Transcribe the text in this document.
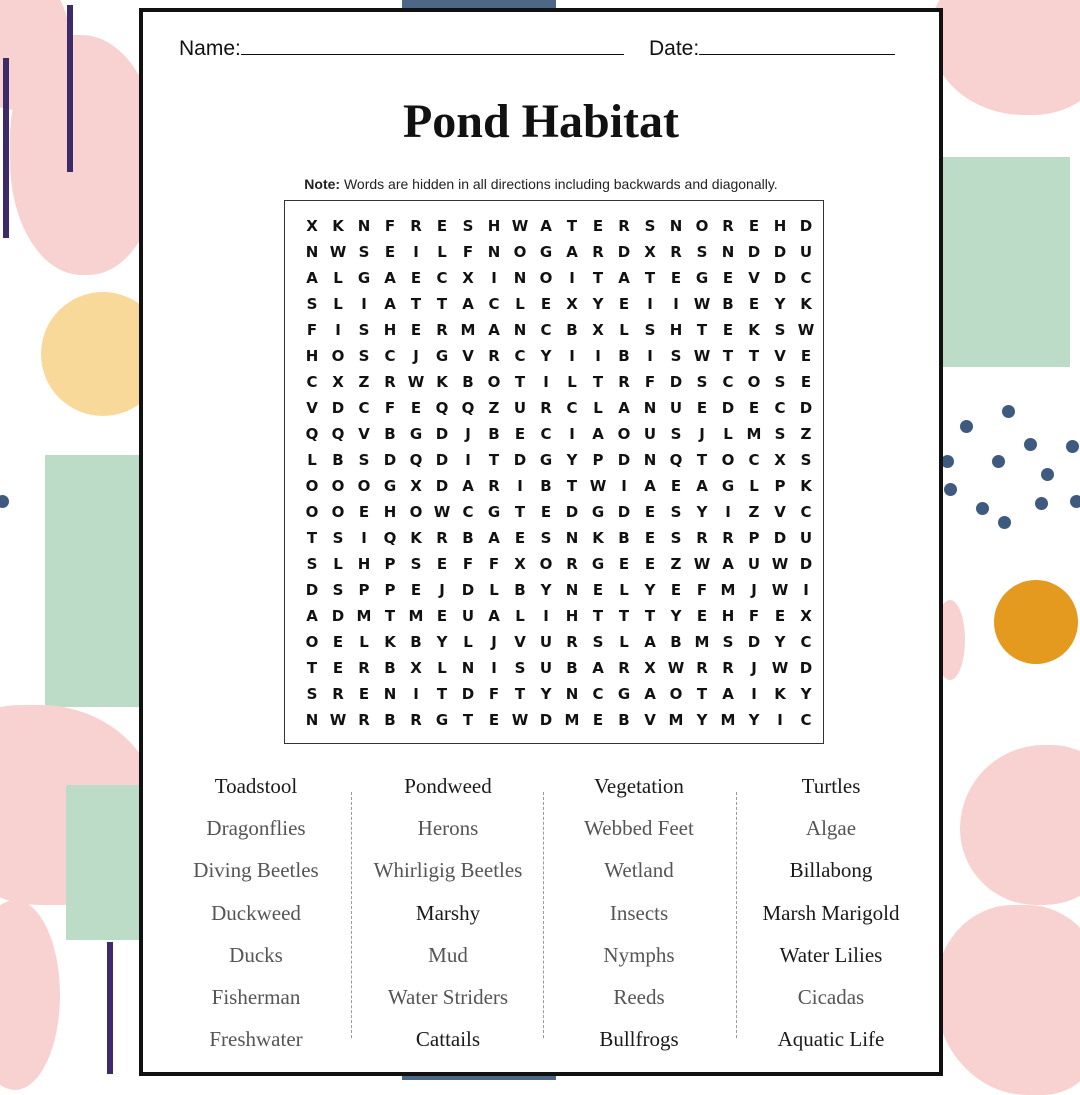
Name:	Date:
Pond Habitat
Note: Words are hidden in all directions including backwards and diagonally.
X K N F	R	E	S H W A	T	E	R S N O R	E H D
N W S	E	I	L	F N O G A R D X R S N D D U
A	L	G A	E	C X	I	N O	I	T	A	T	E G E	V D C
S	L	I	A	T	T	A C	L	E	X Y	E	I	I W B	E	Y K
F	I	S H E	R M A N C B X	L	S H T	E	K S W
H O S	C	J	G V R C	Y	I	I	B	I	S W T	T	V	E
C X Z R W K B O T	I	L	T	R	F D S	C O S	E
V D C	F	E Q Q Z U R C	L	A N U E D E	C D
Q Q V B G D	J	B	E	C	I	A O U S	J	L M S	Z
L	B S D Q D	I	T D G Y	P D N Q T O C X S
O O O G X D A R	I	B	T W I	A	E	A G	L	P K
O O E H O W C G T	E D G D E	S	Y	I	Z V C
T	S	I	Q K R B A	E	S N K B	E	S R R P D U
S	L H P	S	E	F	F	X O R G E	E	Z W A U W D
D S	P	P	E	J	D	L	B Y N E	L	Y	E	F M	J W I
A D M T M E U A	L	I	H T	T	T	Y	E H F	E	X
O E	L	K B Y	L	J	V U R S	L	A B M S D Y	C
T	E	R B X	L N	I	S U B A R X W R R	J W D
S R	E N	I	T D F	T	Y N C G A O T	A	I	K Y
N W R B R G T	E W D M E	B V M Y M Y	I	C
Toadstool
Dragonflies
Diving Beetles
Duckweed
Ducks
Fisherman
Freshwater
Pondweed
Herons
Whirligig Beetles
Marshy
Mud
Water Striders
Cattails
Vegetation
Webbed Feet
Wetland
Insects
Nymphs
Reeds
Bullfrogs
Turtles
Algae
Billabong
Marsh Marigold
Water Lilies
Cicadas
Aquatic Life
